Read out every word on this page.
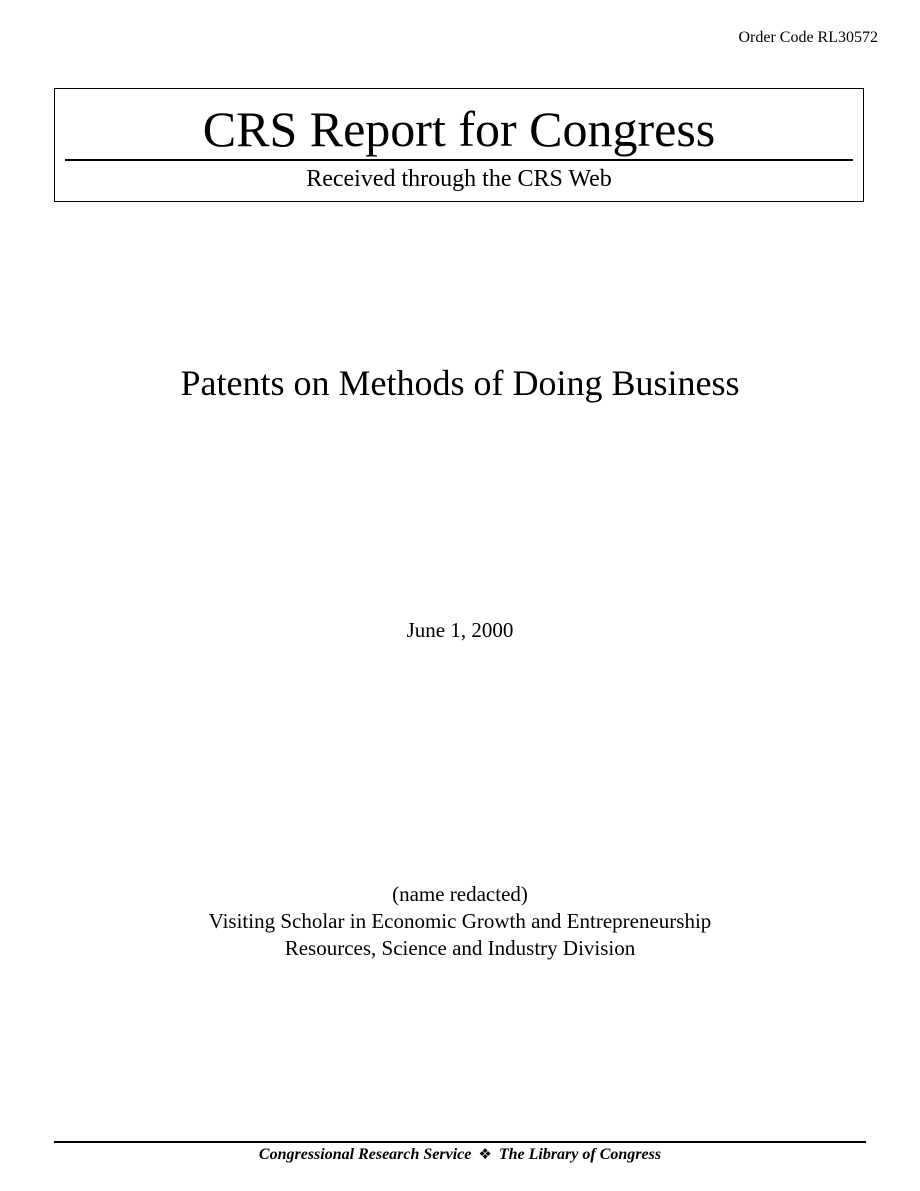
Order Code RL30572
CRS Report for Congress
Received through the CRS Web
Patents on Methods of Doing Business
June 1, 2000
(name redacted)
Visiting Scholar in Economic Growth and Entrepreneurship
Resources, Science and Industry Division
Congressional Research Service ❖ The Library of Congress
